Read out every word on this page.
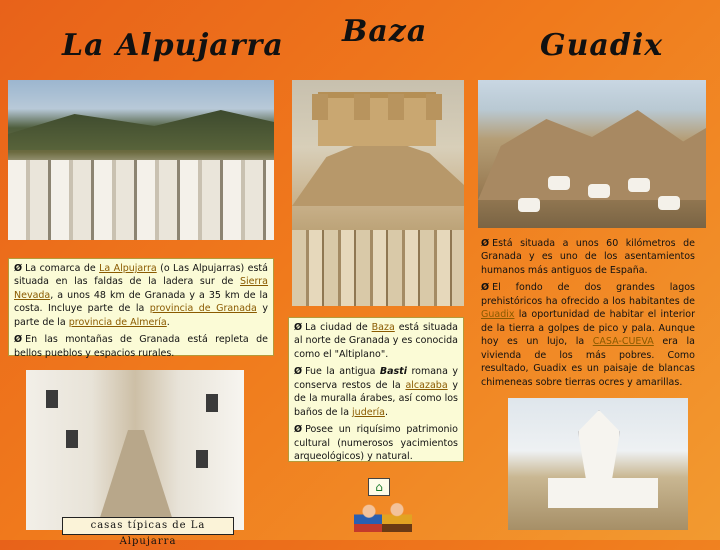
La Alpujarra Baza	Guadix
casas típicas de La Alpujarra

Ø La comarca de La Alpujarra (o Las Alpujarras) está situada en las faldas de la ladera sur de Sierra Nevada, a unos 48 km de Granada y a 35 km de la costa. Incluye parte de la provincia de Granada y parte de la provincia de Almería.

Ø En las montañas de Granada está repleta de bellos pueblos y espacios rurales.

Ø La ciudad de Baza está situada al norte de Granada y es conocida como el "Altiplano".

Ø Fue la antigua Basti romana y conserva restos de la alcazaba y de la muralla árabes, así como los baños de la judería.

Ø Posee un riquísimo patrimonio cultural (numerosos yacimientos arqueológicos) y natural.

Ø Está situada a unos 60 kilómetros de Granada y es uno de los asentamientos humanos más antiguos de España.

Ø El fondo de dos grandes lagos prehistóricos ha ofrecido a los habitantes de Guadix la oportunidad de habitar el interior de la tierra a golpes de pico y pala. Aunque hoy es un lujo, la CASA-CUEVA era la vivienda de los más pobres. Como resultado, Guadix es un paisaje de blancas chimeneas sobre tierras ocres y amarillas.

⌂
